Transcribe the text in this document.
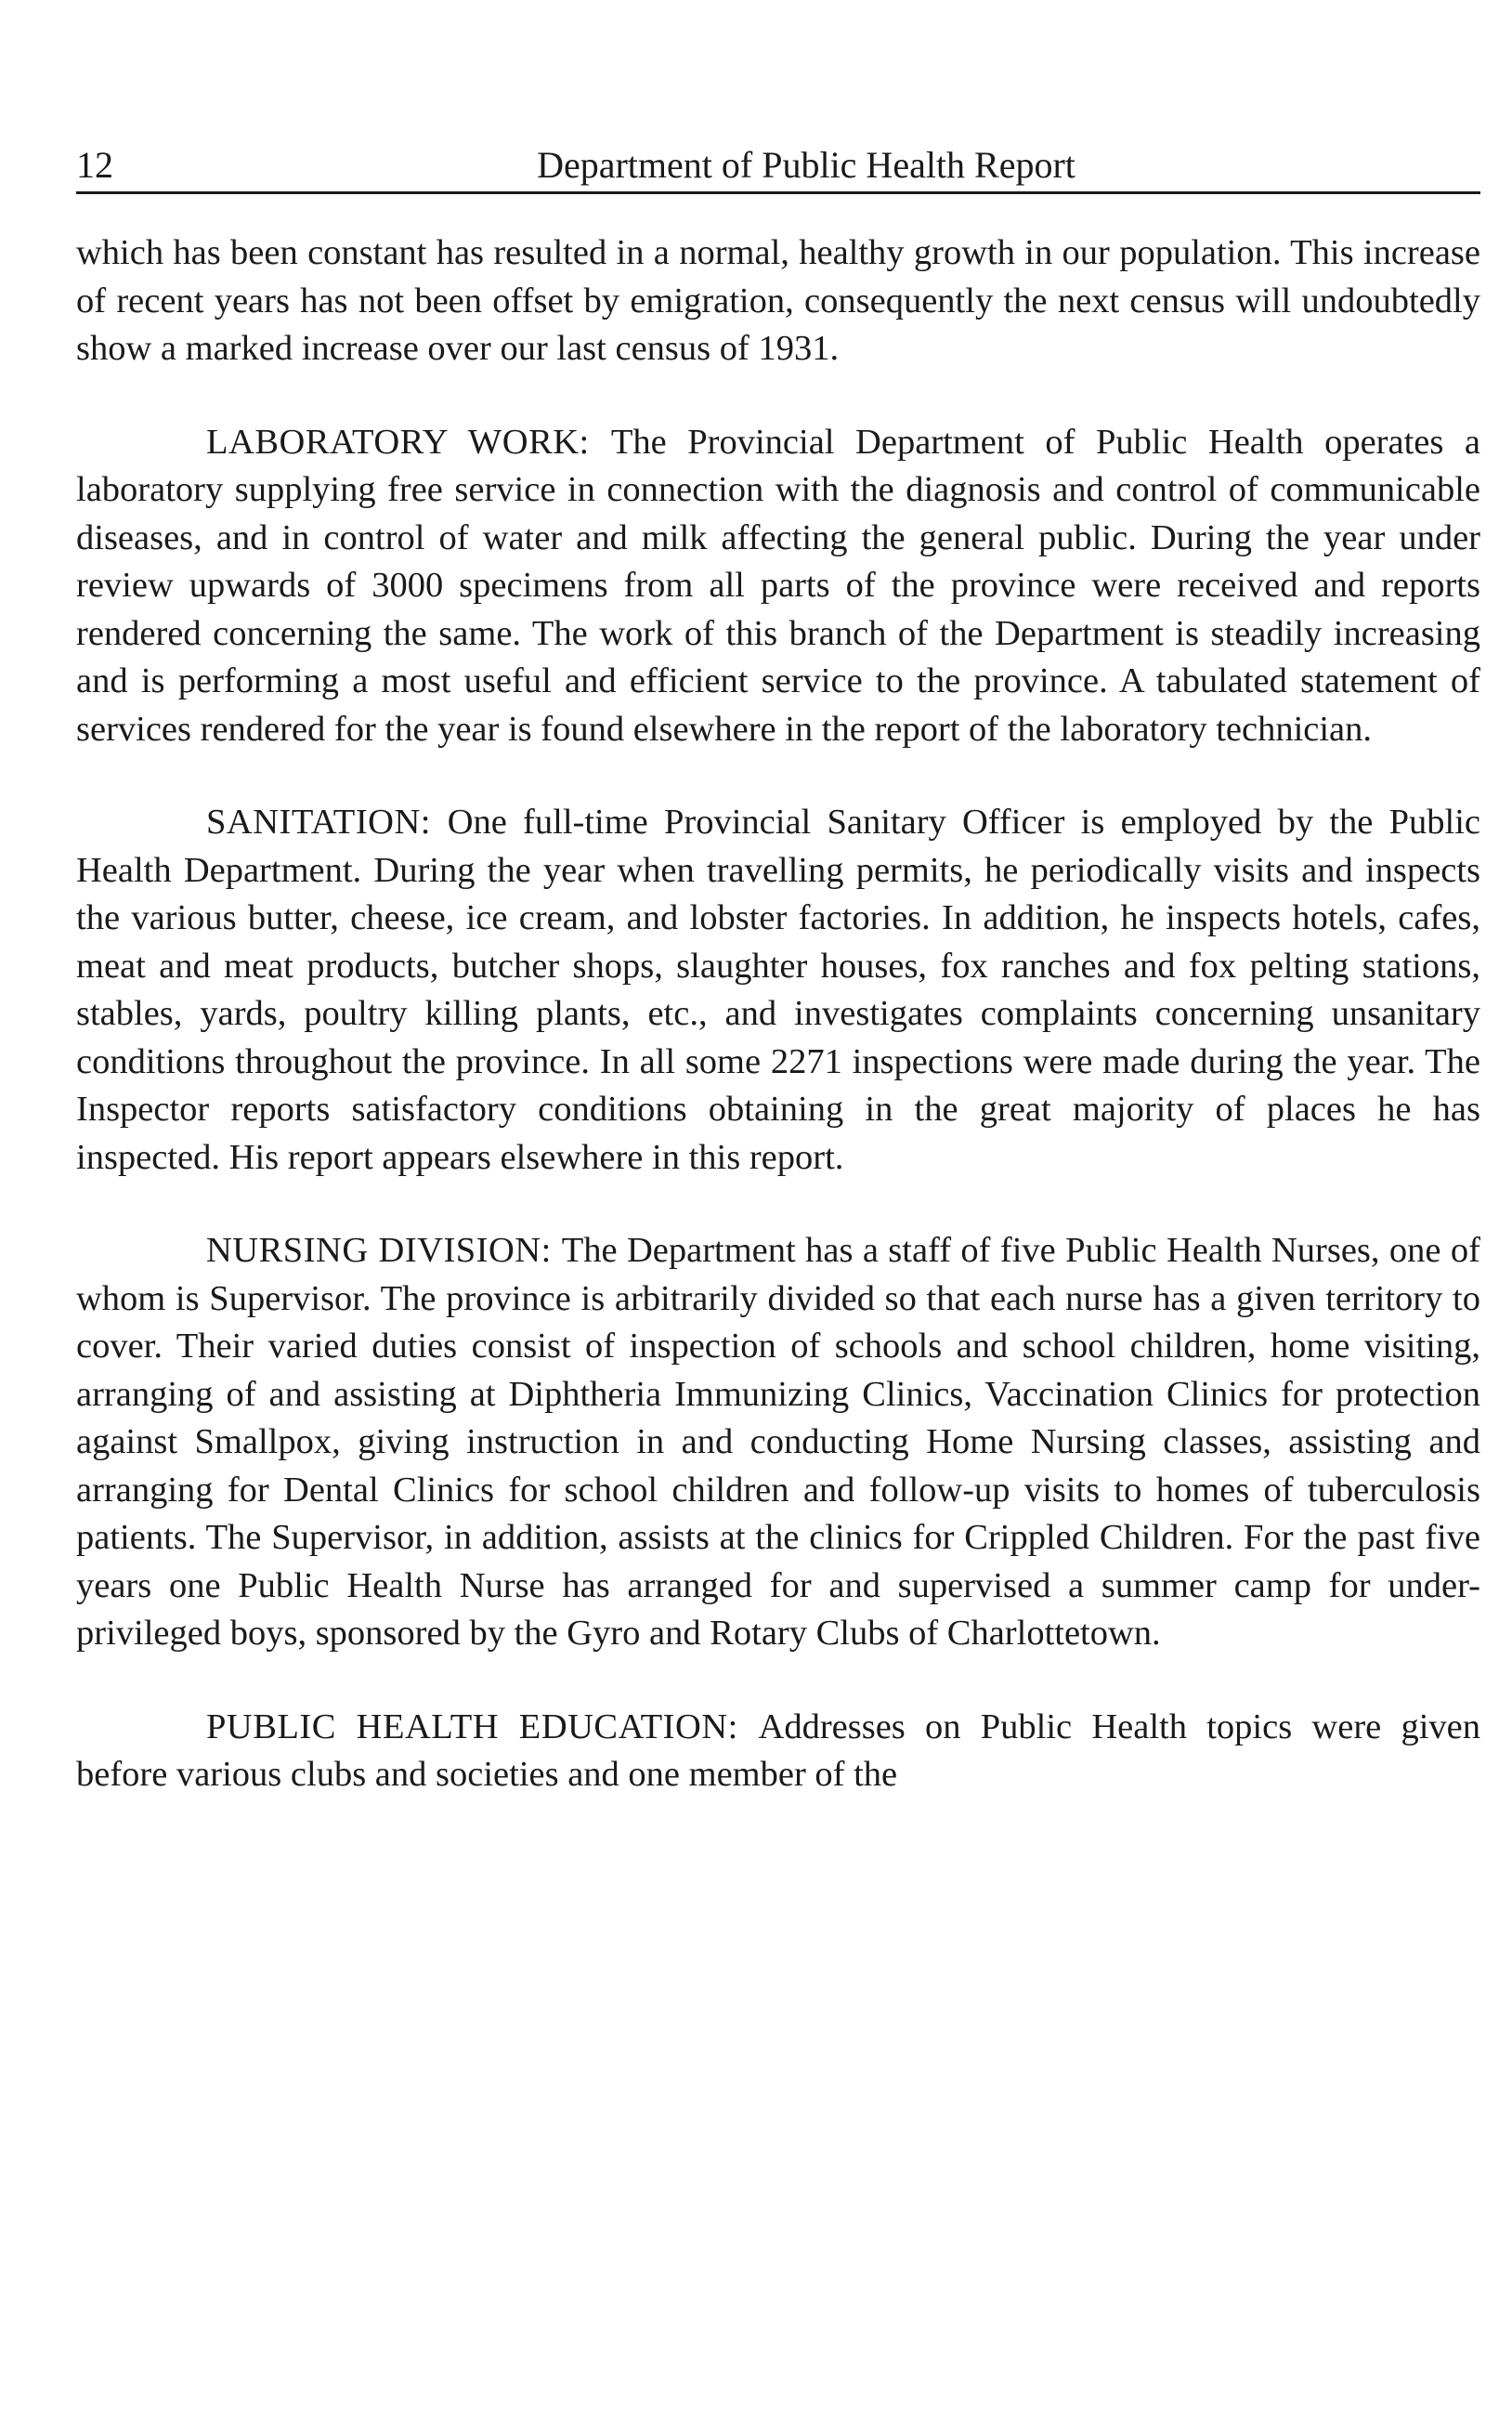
12	Department of Public Health Report

which has been constant has resulted in a normal, healthy growth in our population. This increase of recent years has not been offset by emigration, consequently the next census will undoubtedly show a marked increase over our last census of 1931.

LABORATORY WORK: The Provincial Department of Public Health operates a laboratory supplying free service in connection with the diagnosis and control of communicable diseases, and in control of water and milk affecting the general public. During the year under review upwards of 3000 specimens from all parts of the province were received and reports rendered concerning the same. The work of this branch of the Department is steadily increasing and is performing a most useful and efficient service to the province. A tabulated statement of services rendered for the year is found elsewhere in the report of the laboratory technician.

SANITATION: One full-time Provincial Sanitary Officer is employed by the Public Health Department. During the year when travelling permits, he periodically visits and inspects the various butter, cheese, ice cream, and lobster factories. In addition, he inspects hotels, cafes, meat and meat products, butcher shops, slaughter houses, fox ranches and fox pelting stations, stables, yards, poultry killing plants, etc., and investigates complaints concerning unsanitary conditions throughout the province. In all some 2271 inspections were made during the year. The Inspector reports satisfactory conditions obtaining in the great majority of places he has inspected. His report appears elsewhere in this report.

NURSING DIVISION: The Department has a staff of five Public Health Nurses, one of whom is Supervisor. The province is arbitrarily divided so that each nurse has a given territory to cover. Their varied duties consist of inspection of schools and school children, home visiting, arranging of and assisting at Diphtheria Immunizing Clinics, Vaccination Clinics for protection against Smallpox, giving instruction in and conducting Home Nursing classes, assisting and arranging for Dental Clinics for school children and follow-up visits to homes of tuberculosis patients. The Supervisor, in addition, assists at the clinics for Crippled Children. For the past five years one Public Health Nurse has arranged for and supervised a summer camp for under-privileged boys, sponsored by the Gyro and Rotary Clubs of Charlottetown.

PUBLIC HEALTH EDUCATION: Addresses on Public Health topics were given before various clubs and societies and one member of the
